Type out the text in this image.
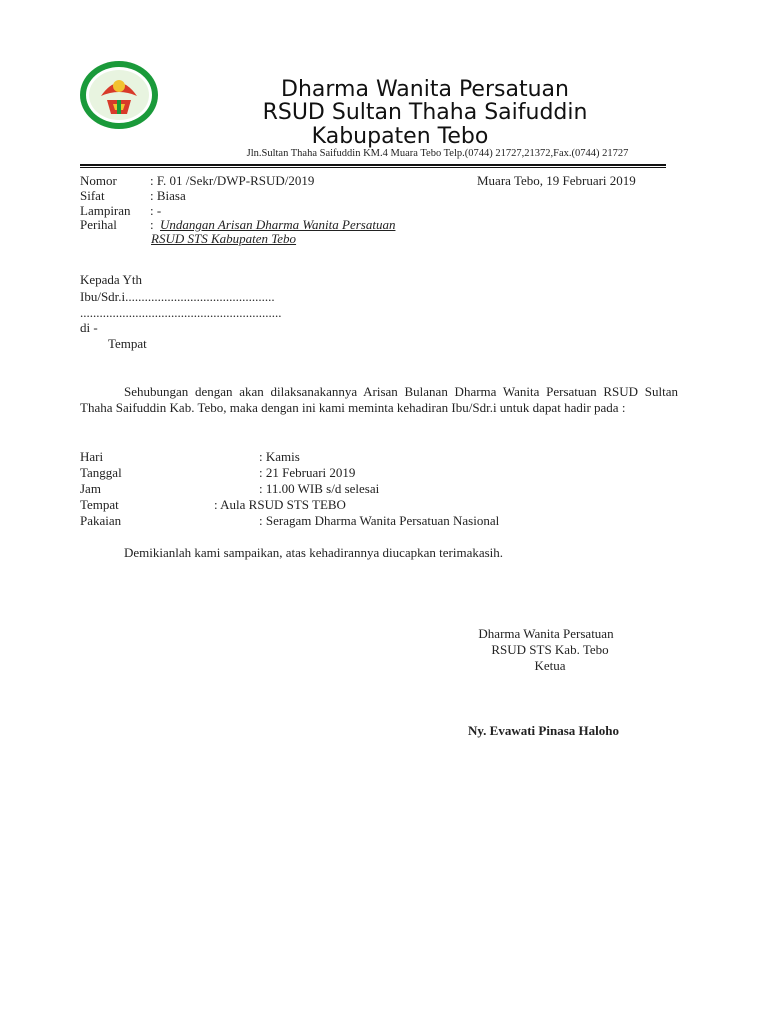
Dharma Wanita Persatuan
RSUD Sultan Thaha Saifuddin
Kabupaten Tebo
Jln.Sultan Thaha Saifuddin KM.4 Muara Tebo Telp.(0744) 21727,21372,Fax.(0744) 21727
Nomor	: F. 01 /Sekr/DWP-RSUD/2019	Muara Tebo, 19 Februari 2019
Sifat	: Biasa
Lampiran : -
Perihal	: Undangan Arisan Dharma Wanita Persatuan
RSUD STS Kabupaten Tebo
Kepada Yth
Ibu/Sdr.i..............................................
..............................................................
di -
Tempat
Sehubungan dengan akan dilaksanakannya Arisan Bulanan Dharma Wanita Persatuan RSUD Sultan Thaha Saifuddin Kab. Tebo, maka dengan ini kami meminta kehadiran Ibu/Sdr.i untuk dapat hadir pada :
Hari	: Kamis
Tanggal	: 21 Februari 2019
Jam	: 11.00 WIB s/d selesai
Tempat	: Aula RSUD STS TEBO
Pakaian	: Seragam Dharma Wanita Persatuan Nasional
Demikianlah kami sampaikan, atas kehadirannya diucapkan terimakasih.
Dharma Wanita Persatuan
RSUD STS Kab. Tebo
Ketua
Ny. Evawati Pinasa Haloho
